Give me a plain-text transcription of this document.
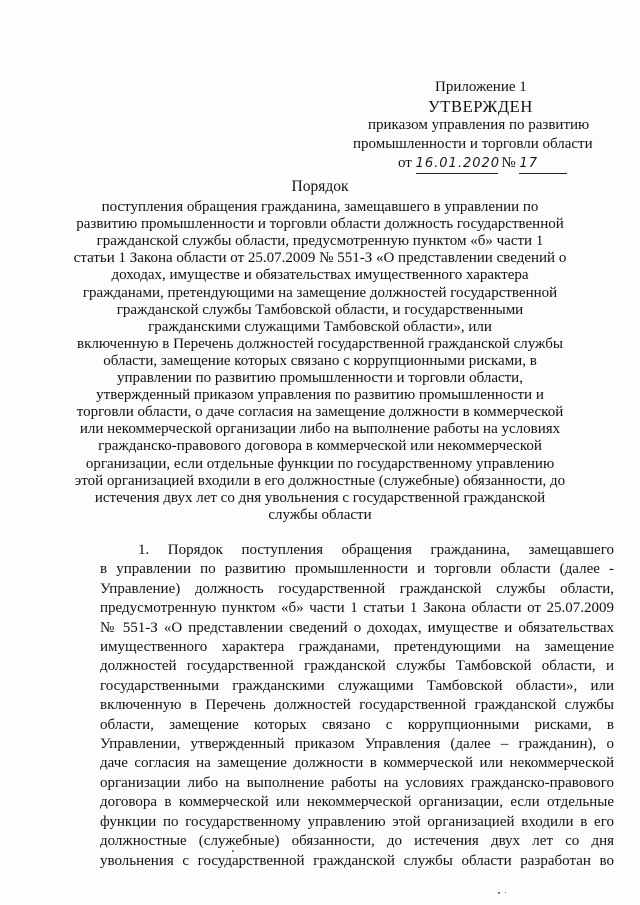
Приложение 1
УТВЕРЖДЕН
приказом управления по развитию
промышленности и торговли области
от 16.01.2020 № 17
Порядок
поступления обращения гражданина, замещавшего в управлении по
развитию промышленности и торговли области должность государственной
гражданской службы области, предусмотренную пунктом «б» части 1
статьи 1 Закона области от 25.07.2009 № 551-З «О представлении сведений о
доходах, имуществе и обязательствах имущественного характера
гражданами, претендующими на замещение должностей государственной
гражданской службы Тамбовской области, и государственными
гражданскими служащими Тамбовской области», или
включенную в Перечень должностей государственной гражданской службы
области, замещение которых связано с коррупционными рисками, в
управлении по развитию промышленности и торговли области,
утвержденный приказом управления по развитию промышленности и
торговли области, о даче согласия на замещение должности в коммерческой
или некоммерческой организации либо на выполнение работы на условиях
гражданско-правового договора в коммерческой или некоммерческой
организации, если отдельные функции по государственному управлению
этой организацией входили в его должностные (служебные) обязанности, до
истечения двух лет со дня увольнения с государственной гражданской
службы области
1. Порядок поступления обращения гражданина, замещавшего
в управлении по развитию промышленности и торговли области (далее -
Управление) должность государственной гражданской службы области,
предусмотренную пунктом «б» части 1 статьи 1 Закона области от 25.07.2009
№ 551-З «О представлении сведений о доходах, имуществе и обязательствах
имущественного характера гражданами, претендующими на замещение
должностей государственной гражданской службы Тамбовской области, и
государственными гражданскими служащими Тамбовской области», или
включенную в Перечень должностей государственной гражданской службы
области, замещение которых связано с коррупционными рисками, в
Управлении, утвержденный приказом Управления (далее – гражданин), о
даче согласия на замещение должности в коммерческой или некоммерческой
организации либо на выполнение работы на условиях гражданско-правового
договора в коммерческой или некоммерческой организации, если отдельные
функции по государственному управлению этой организацией входили в его
должностные (служебные) обязанности, до истечения двух лет со дня
увольнения с государственной гражданской службы области разработан во
